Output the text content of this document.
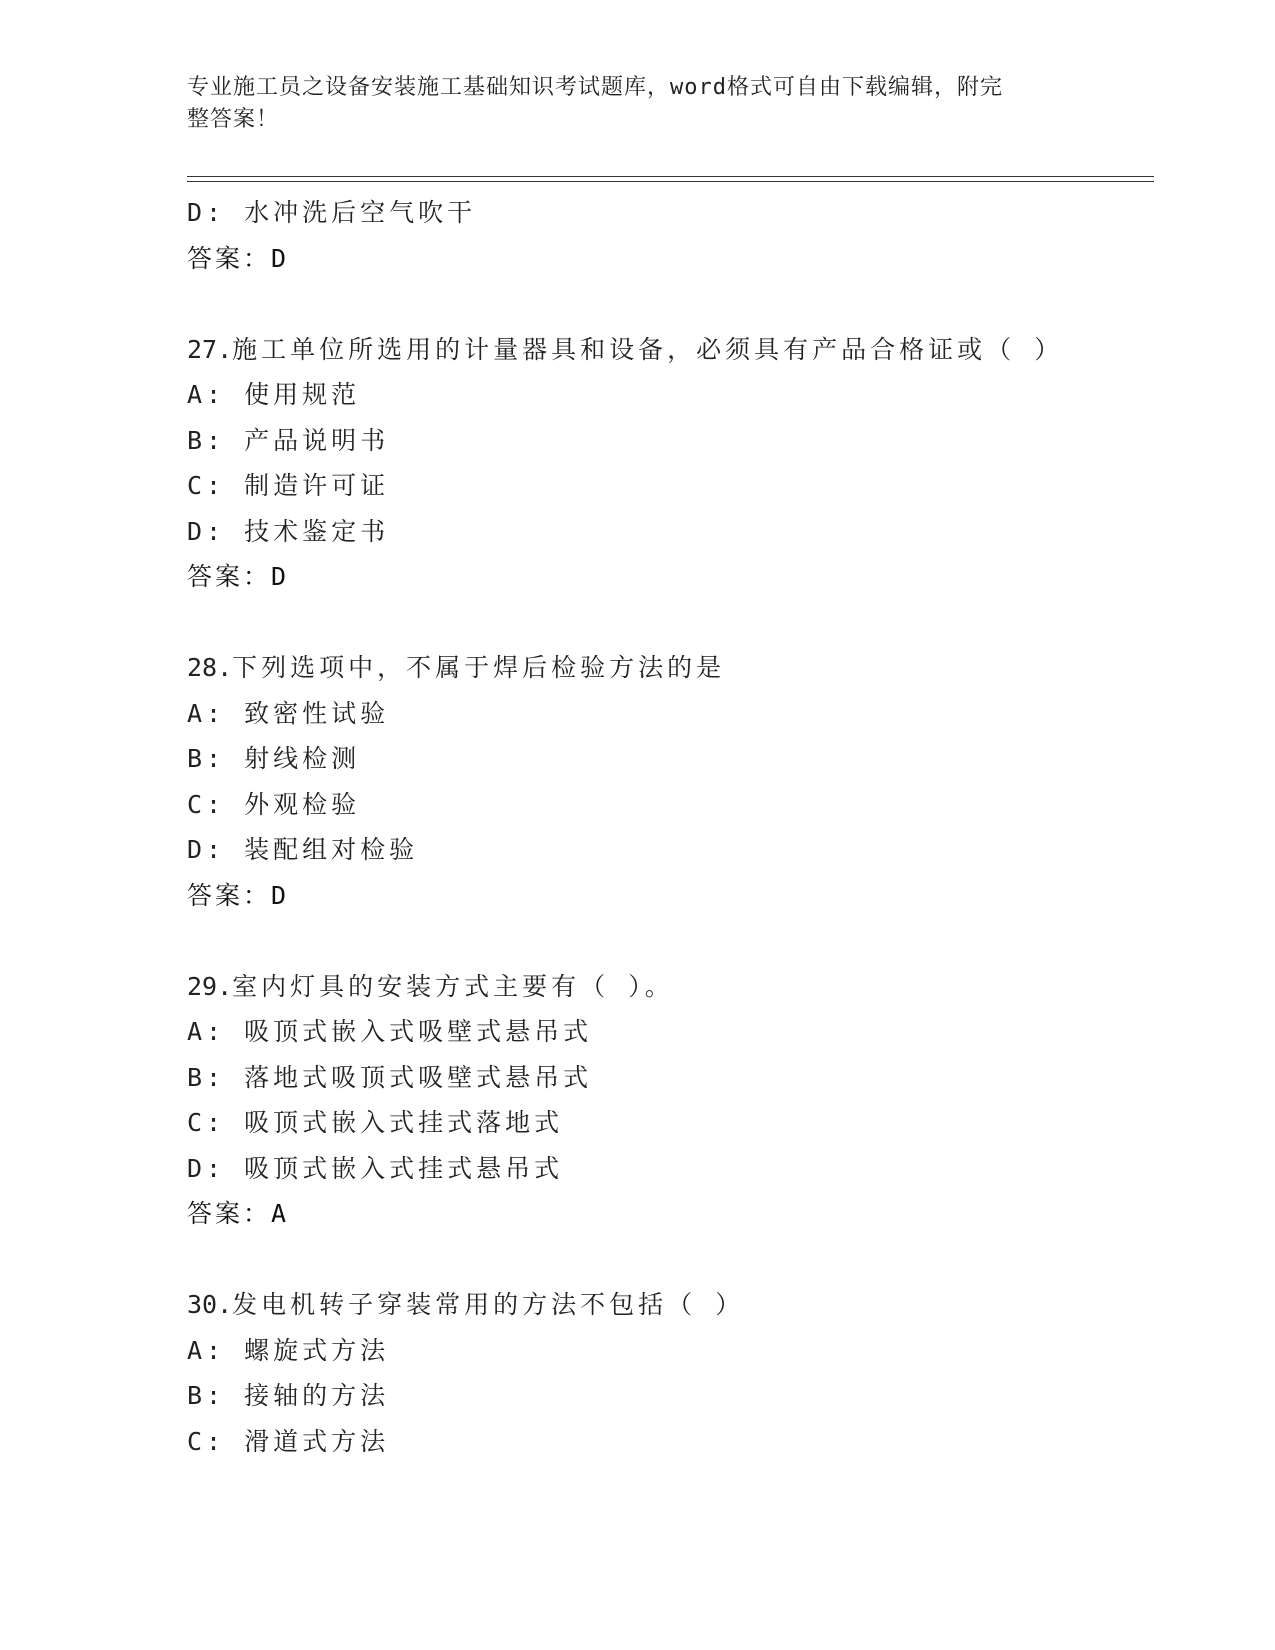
专业施工员之设备安装施工基础知识考试题库，word格式可自由下载编辑，附完
整答案！
D: 水冲洗后空气吹干
答案：D
27.施工单位所选用的计量器具和设备，必须具有产品合格证或（ ）
A: 使用规范
B: 产品说明书
C: 制造许可证
D: 技术鉴定书
答案：D
28.下列选项中，不属于焊后检验方法的是
A: 致密性试验
B: 射线检测
C: 外观检验
D: 装配组对检验
答案：D
29.室内灯具的安装方式主要有（ ）。
A: 吸顶式嵌入式吸壁式悬吊式
B: 落地式吸顶式吸壁式悬吊式
C: 吸顶式嵌入式挂式落地式
D: 吸顶式嵌入式挂式悬吊式
答案：A
30.发电机转子穿装常用的方法不包括（ ）
A: 螺旋式方法
B: 接轴的方法
C: 滑道式方法
